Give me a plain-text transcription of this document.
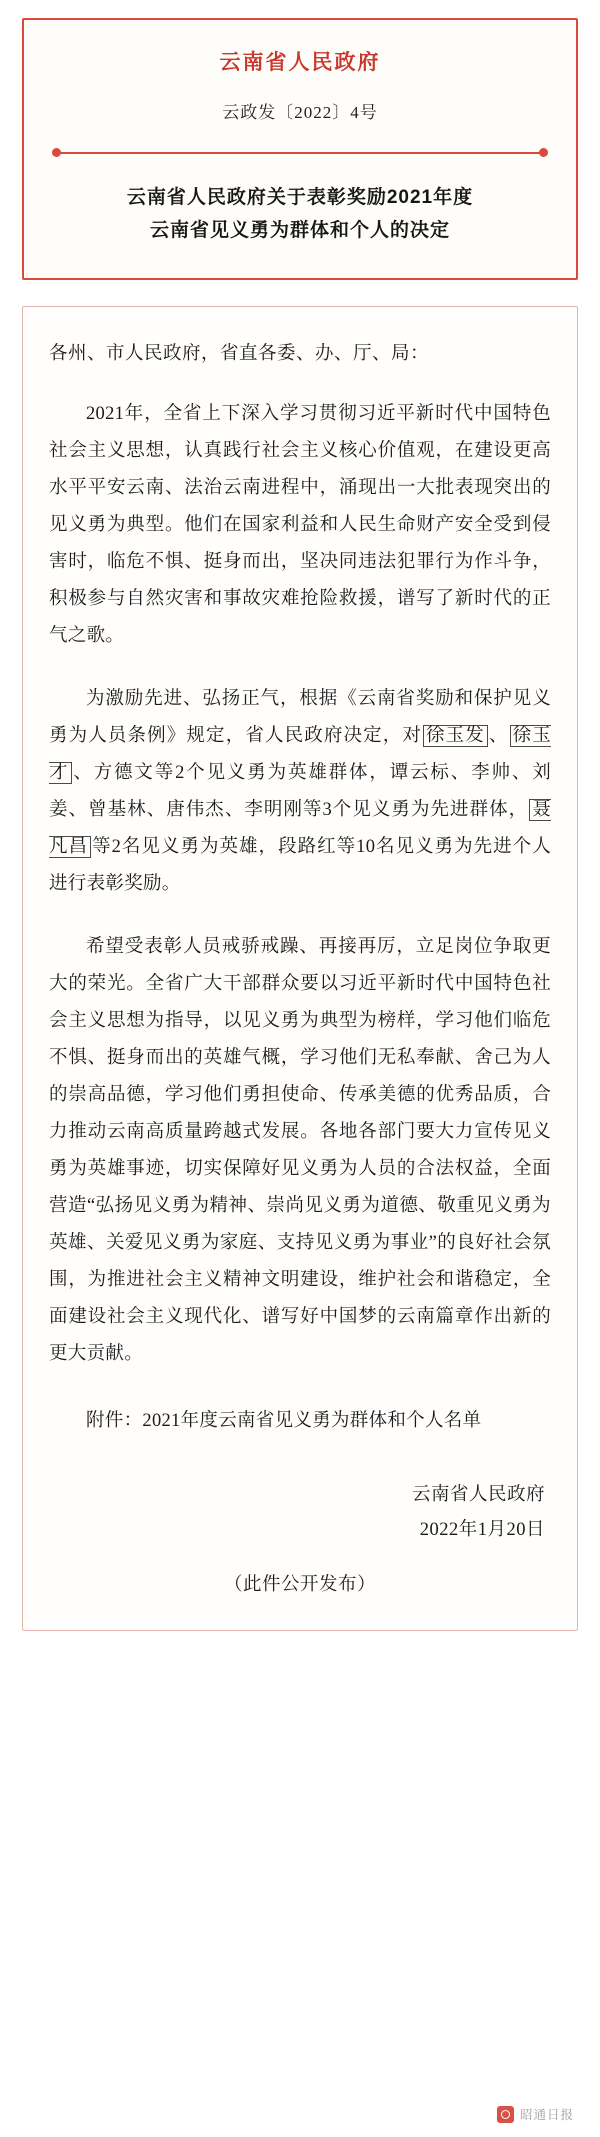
云南省人民政府
云政发〔2022〕4号
云南省人民政府关于表彰奖励2021年度
云南省见义勇为群体和个人的决定
各州、市人民政府，省直各委、办、厅、局：

2021年，全省上下深入学习贯彻习近平新时代中国特色社会主义思想，认真践行社会主义核心价值观，在建设更高水平平安云南、法治云南进程中，涌现出一大批表现突出的见义勇为典型。他们在国家利益和人民生命财产安全受到侵害时，临危不惧、挺身而出，坚决同违法犯罪行为作斗争，积极参与自然灾害和事故灾难抢险救援，谱写了新时代的正气之歌。

为激励先进、弘扬正气，根据《云南省奖励和保护见义勇为人员条例》规定，省人民政府决定，对 徐玉发 、 徐玉才 、方德文等2个见义勇为英雄群体，谭云标、李帅、刘姜、曾基林、唐伟杰、李明刚等3个见义勇为先进群体， 聂凡昌 等2名见义勇为英雄，段路红等10名见义勇为先进个人进行表彰奖励。

希望受表彰人员戒骄戒躁、再接再厉，立足岗位争取更大的荣光。全省广大干部群众要以习近平新时代中国特色社会主义思想为指导，以见义勇为典型为榜样，学习他们临危不惧、挺身而出的英雄气概，学习他们无私奉献、舍己为人的崇高品德，学习他们勇担使命、传承美德的优秀品质，合力推动云南高质量跨越式发展。各地各部门要大力宣传见义勇为英雄事迹，切实保障好见义勇为人员的合法权益，全面营造“弘扬见义勇为精神、崇尚见义勇为道德、敬重见义勇为英雄、关爱见义勇为家庭、支持见义勇为事业”的良好社会氛围，为推进社会主义精神文明建设，维护社会和谐稳定，全面建设社会主义现代化、谱写好中国梦的云南篇章作出新的更大贡献。

附件：2021年度云南省见义勇为群体和个人名单

云南省人民政府
2022年1月20日
（此件公开发布）
昭通日报
